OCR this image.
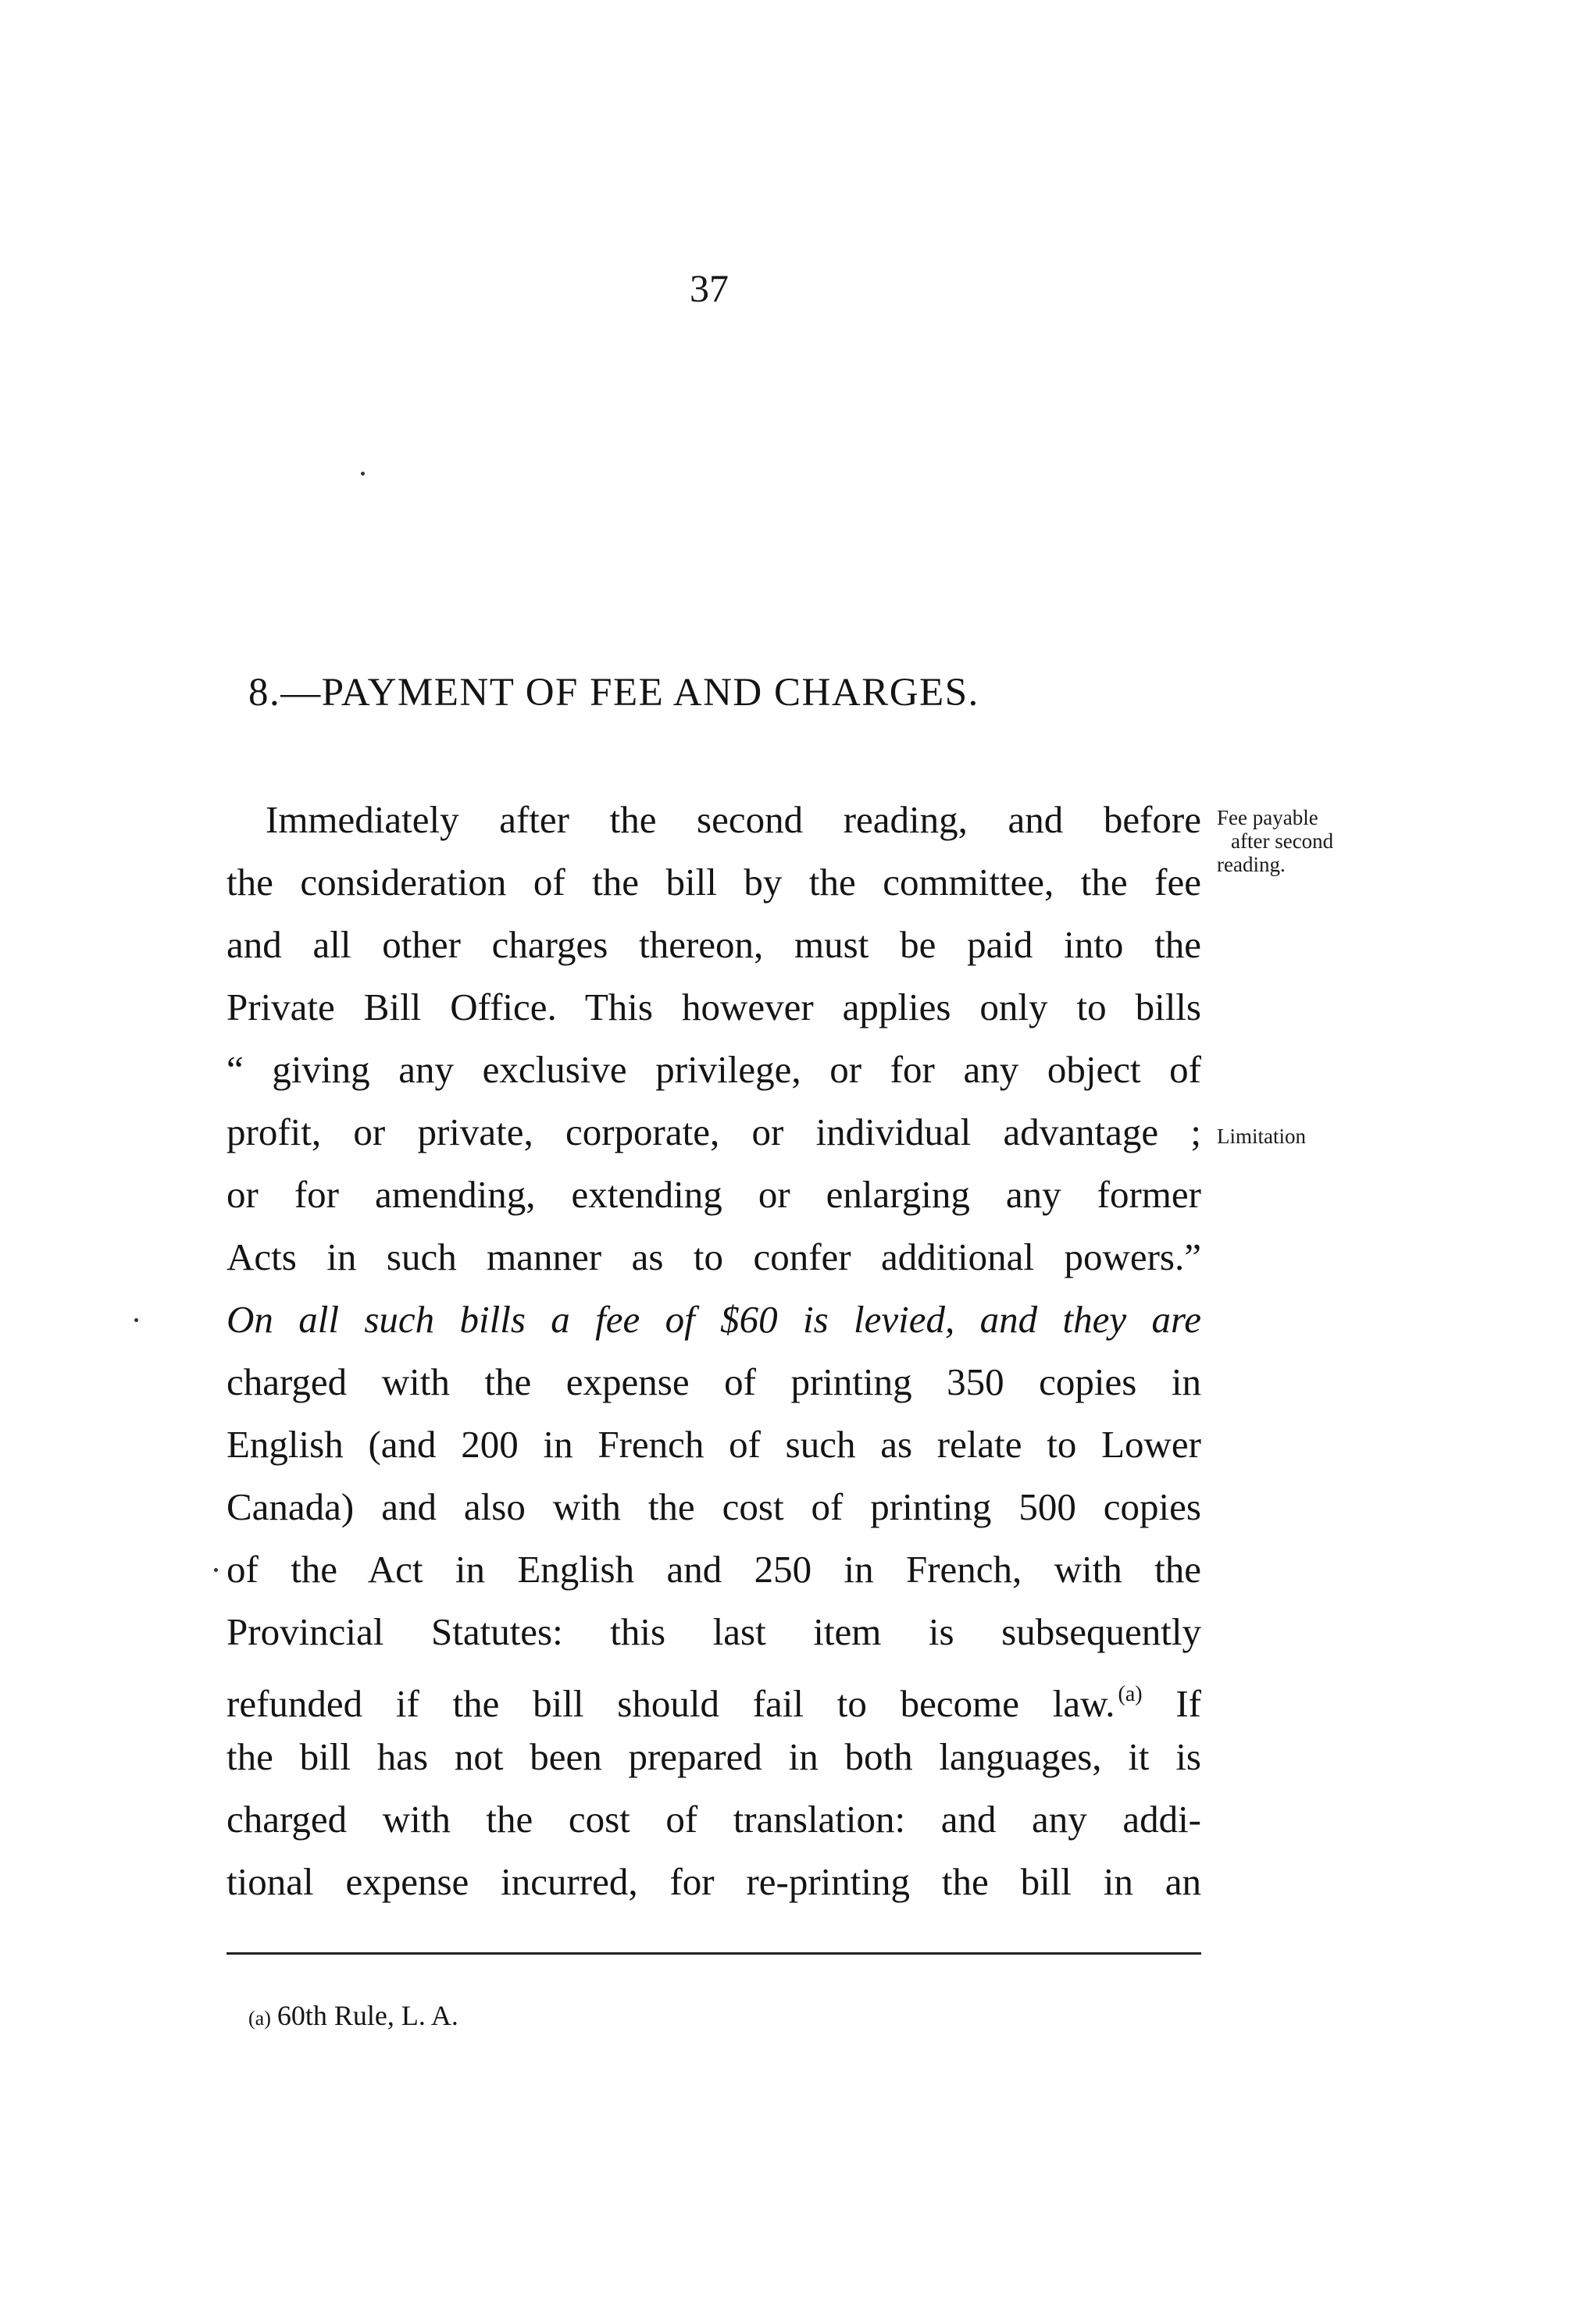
37
8.—PAYMENT OF FEE AND CHARGES.
Immediately after the second reading, and before
the consideration of the bill by the committee, the fee
and all other charges thereon, must be paid into the
Private Bill Office. This however applies only to bills
“ giving any exclusive privilege, or for any object of
profit, or private, corporate, or individual advantage ;
or for amending, extending or enlarging any former
Acts in such manner as to confer additional powers.”
On all such bills a fee of $60 is levied, and they are
charged with the expense of printing 350 copies in
English (and 200 in French of such as relate to Lower
Canada) and also with the cost of printing 500 copies
of the Act in English and 250 in French, with the
Provincial Statutes: this last item is subsequently
refunded if the bill should fail to become law. $^{(a)}$ If
the bill has not been prepared in both languages, it is
charged with the cost of translation: and any addi-
tional expense incurred, for re-printing the bill in an
Fee payable
after second
reading.
Limitation
(a) 60th Rule, L. A.
